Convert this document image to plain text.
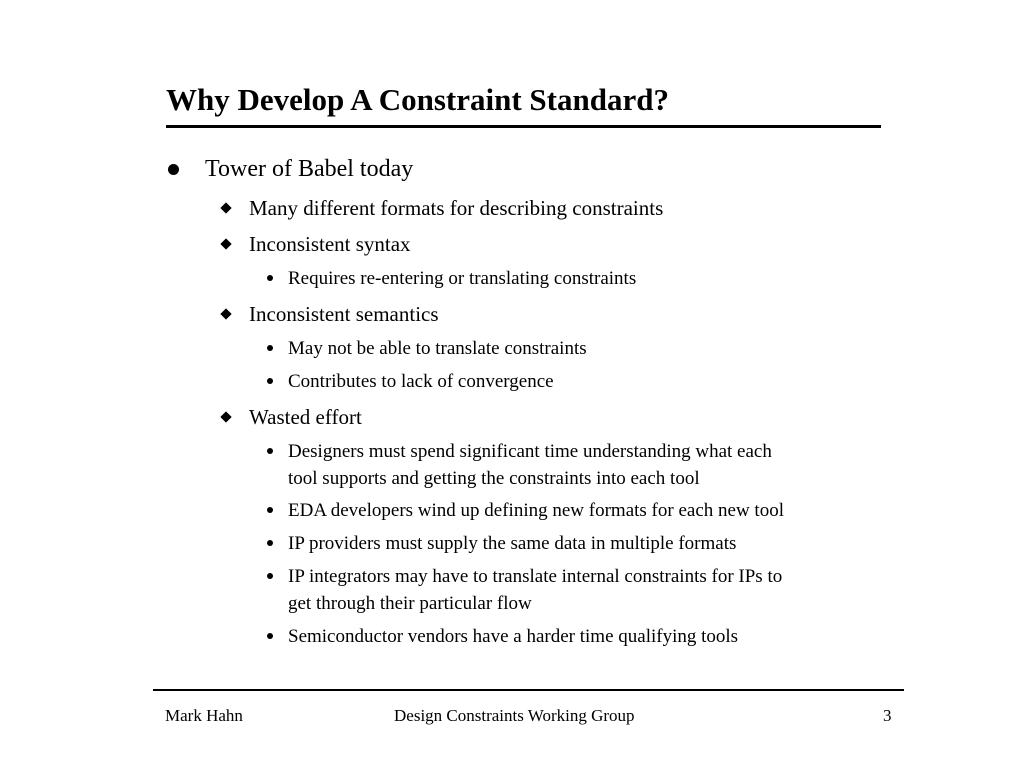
Why Develop A Constraint Standard?
Tower of Babel today
Many different formats for describing constraints
Inconsistent syntax
Requires re-entering or translating constraints
Inconsistent semantics
May not be able to translate constraints
Contributes to lack of convergence
Wasted effort
Designers must spend significant time understanding what each
tool supports and getting the constraints into each tool
EDA developers wind up defining new formats for each new tool
IP providers must supply the same data in multiple formats
IP integrators may have to translate internal constraints for IPs to
get through their particular flow
Semiconductor vendors have a harder time qualifying tools
Mark Hahn	Design Constraints Working Group	3
